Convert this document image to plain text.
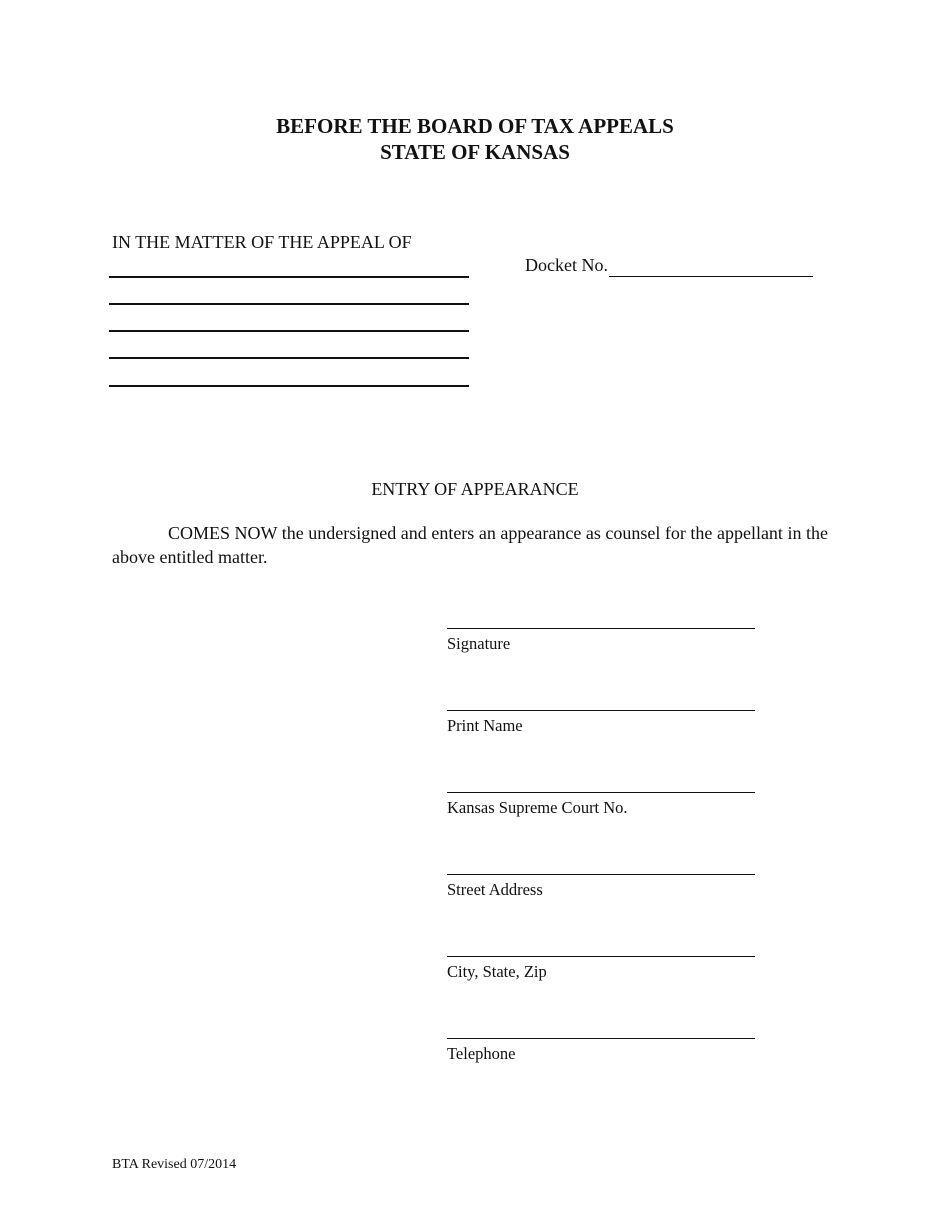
BEFORE THE BOARD OF TAX APPEALS
STATE OF KANSAS
IN THE MATTER OF THE APPEAL OF
Docket No.
ENTRY OF APPEARANCE
COMES NOW the undersigned and enters an appearance as counsel for the appellant in the above entitled matter.
Signature
Print Name
Kansas Supreme Court No.
Street Address
City, State, Zip
Telephone
BTA Revised 07/2014
